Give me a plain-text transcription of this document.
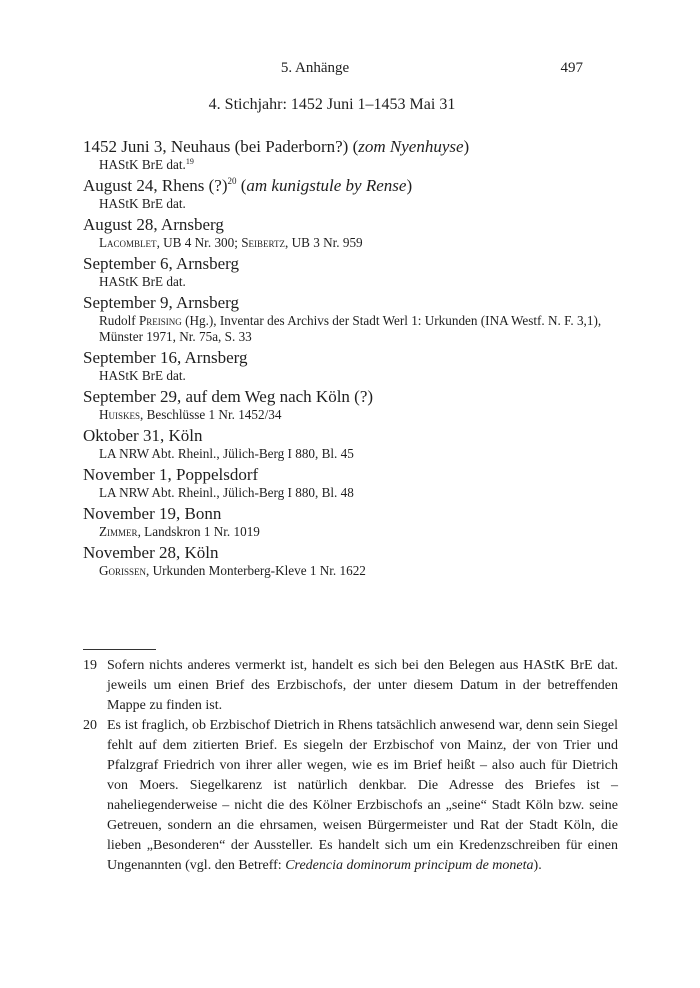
5. Anhänge	497
4. Stichjahr: 1452 Juni 1–1453 Mai 31
1452 Juni 3, Neuhaus (bei Paderborn?) (zom Nyenhuyse)
HAStK BrE dat.$^{19}$
August 24, Rhens (?)$^{20}$ (am kunigstule by Rense)
HAStK BrE dat.
August 28, Arnsberg
Lacomblet, UB 4 Nr. 300; Seibertz, UB 3 Nr. 959
September 6, Arnsberg
HAStK BrE dat.
September 9, Arnsberg
Rudolf Preising (Hg.), Inventar des Archivs der Stadt Werl 1: Urkunden (INA Westf. N. F. 3,1), Münster 1971, Nr. 75a, S. 33
September 16, Arnsberg
HAStK BrE dat.
September 29, auf dem Weg nach Köln (?)
Huiskes, Beschlüsse 1 Nr. 1452/34
Oktober 31, Köln
LA NRW Abt. Rheinl., Jülich-Berg I 880, Bl. 45
November 1, Poppelsdorf
LA NRW Abt. Rheinl., Jülich-Berg I 880, Bl. 48
November 19, Bonn
Zimmer, Landskron 1 Nr. 1019
November 28, Köln
Gorissen, Urkunden Monterberg-Kleve 1 Nr. 1622
19 Sofern nichts anderes vermerkt ist, handelt es sich bei den Belegen aus HAStK BrE dat. jeweils um einen Brief des Erzbischofs, der unter diesem Datum in der betreffenden Mappe zu finden ist.
20 Es ist fraglich, ob Erzbischof Dietrich in Rhens tatsächlich anwesend war, denn sein Siegel fehlt auf dem zitierten Brief. Es siegeln der Erzbischof von Mainz, der von Trier und Pfalzgraf Friedrich von ihrer aller wegen, wie es im Brief heißt – also auch für Dietrich von Moers. Siegelkarenz ist natürlich denkbar. Die Adresse des Briefes ist – naheliegenderweise – nicht die des Kölner Erzbischofs an „seine“ Stadt Köln bzw. seine Getreuen, sondern an die ehrsamen, weisen Bürgermeister und Rat der Stadt Köln, die lieben „Besonderen“ der Aussteller. Es handelt sich um ein Kredenzschreiben für einen Ungenannten (vgl. den Betreff: Credencia dominorum principum de moneta).
